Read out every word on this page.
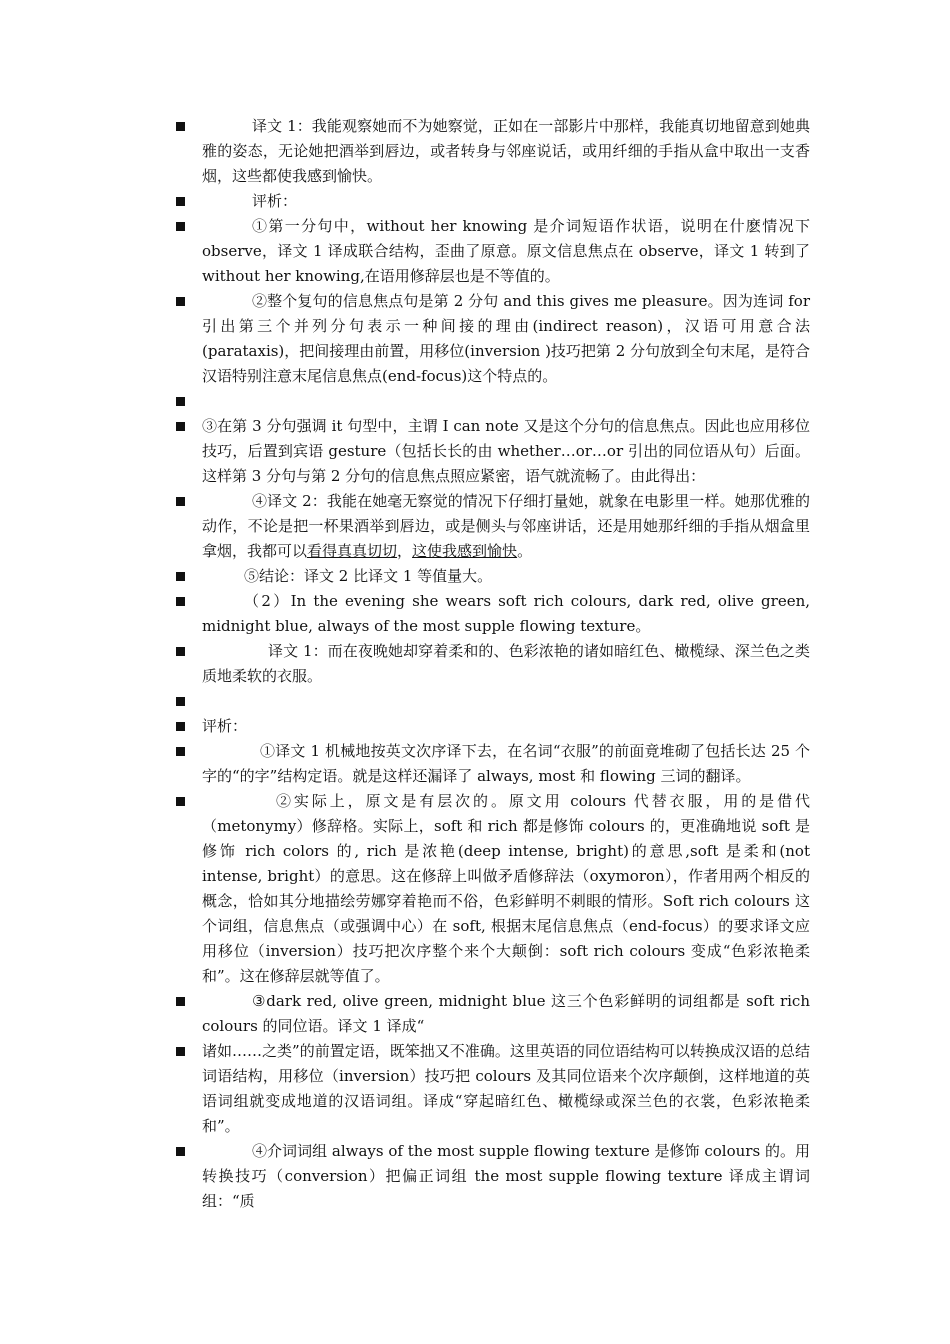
译文 1：我能观察她而不为她察觉，正如在一部影片中那样，我能真切地留意到她典雅的姿态，无论她把酒举到唇边，或者转身与邻座说话，或用纤细的手指从盒中取出一支香烟，这些都使我感到愉快。
评析：
①第一分句中，without her knowing 是介词短语作状语，说明在什麽情况下 observe，译文 1 译成联合结构，歪曲了原意。原文信息焦点在 observe，译文 1 转到了 without her knowing,在语用修辞层也是不等值的。
②整个复句的信息焦点句是第 2 分句 and this gives me pleasure。因为连词 for 引出第三个并列分句表示一种间接的理由(indirect reason)，汉语可用意合法(parataxis)，把间接理由前置，用移位(inversion )技巧把第 2 分句放到全句末尾，是符合汉语特别注意末尾信息焦点(end-focus)这个特点的。

③在第 3 分句强调 it 句型中，主谓 I can note 又是这个分句的信息焦点。因此也应用移位技巧，后置到宾语 gesture（包括长长的由 whether…or…or 引出的同位语从句）后面。这样第 3 分句与第 2 分句的信息焦点照应紧密，语气就流畅了。由此得出：
④译文 2：我能在她毫无察觉的情况下仔细打量她，就象在电影里一样。她那优雅的动作，不论是把一杯果酒举到唇边，或是侧头与邻座讲话，还是用她那纤细的手指从烟盒里拿烟，我都可以看得真真切切，这使我感到愉快。
⑤结论：译文 2 比译文 1 等值量大。
（2）In the evening she wears soft rich colours, dark red, olive green, midnight blue, always of the most supple flowing texture。
译文 1：而在夜晚她却穿着柔和的、色彩浓艳的诸如暗红色、橄榄绿、深兰色之类质地柔软的衣服。

评析：
①译文 1 机械地按英文次序译下去，在名词“衣服”的前面竟堆砌了包括长达 25 个字的“的字”结构定语。就是这样还漏译了 always, most 和 flowing 三词的翻译。
②实际上，原文是有层次的。原文用 colours 代替衣服，用的是借代（metonymy）修辞格。实际上，soft 和 rich 都是修饰 colours 的，更准确地说 soft 是修饰 rich colors 的, rich 是浓艳(deep intense, bright)的意思,soft 是柔和(not intense, bright）的意思。这在修辞上叫做矛盾修辞法（oxymoron），作者用两个相反的概念，恰如其分地描绘劳娜穿着艳而不俗，色彩鲜明不刺眼的情形。Soft rich colours 这个词组，信息焦点（或强调中心）在 soft, 根据末尾信息焦点（end-focus）的要求译文应用移位（inversion）技巧把次序整个来个大颠倒：soft rich colours 变成“色彩浓艳柔和”。这在修辞层就等值了。
③dark red, olive green, midnight blue 这三个色彩鲜明的词组都是 soft rich colours 的同位语。译文 1 译成“
诸如……之类”的前置定语，既笨拙又不准确。这里英语的同位语结构可以转换成汉语的总结词语结构，用移位（inversion）技巧把 colours 及其同位语来个次序颠倒，这样地道的英语词组就变成地道的汉语词组。译成“穿起暗红色、橄榄绿或深兰色的衣裳，色彩浓艳柔和”。
④介词词组 always of the most supple flowing texture 是修饰 colours 的。用转换技巧（conversion）把偏正词组 the most supple flowing texture 译成主谓词组：“质
